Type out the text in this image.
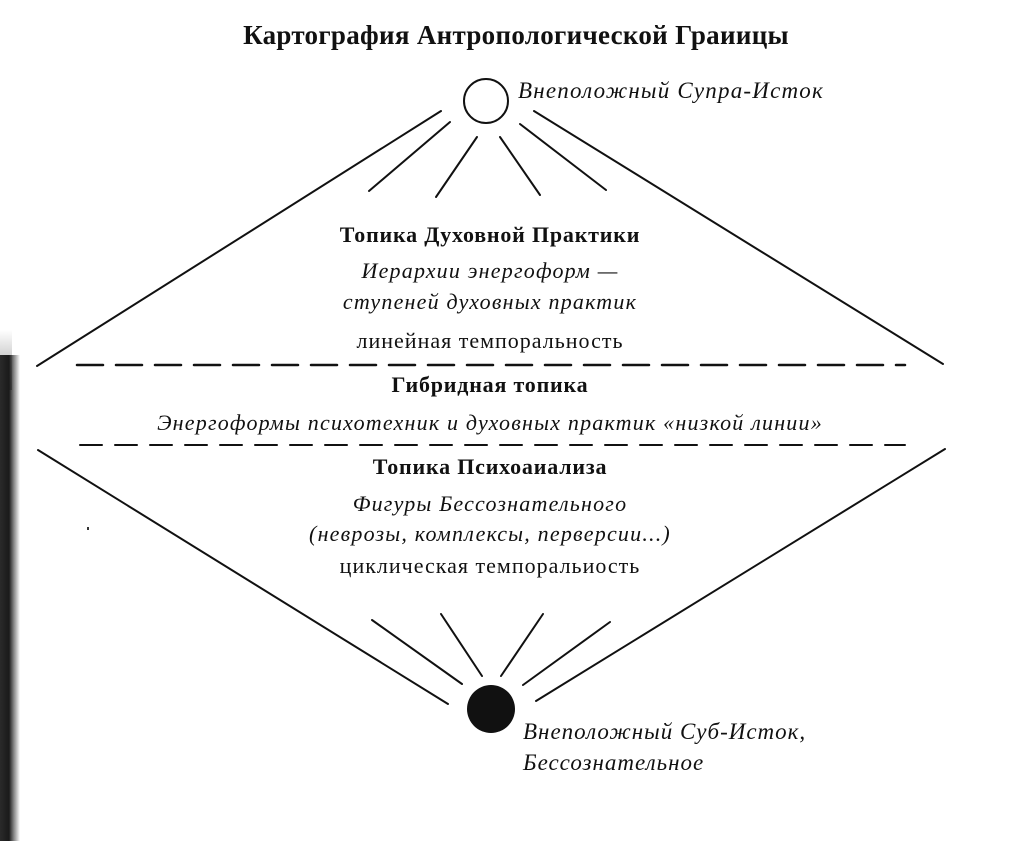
Картография Антропологической Граиицы
Внеположный Супра-Исток
Внеположный Суб-Исток,
Бессознательное
Топика Духовной Практики
Иерархии энергоформ —
ступеней духовных практик
линейная темпоральность
Гибридная топика
Энергоформы психотехник и духовных практик «низкой линии»
Топика Психоаиализа
Фигуры Бессознательного
(неврозы, комплексы, перверсии...)
циклическая темпоральиость
